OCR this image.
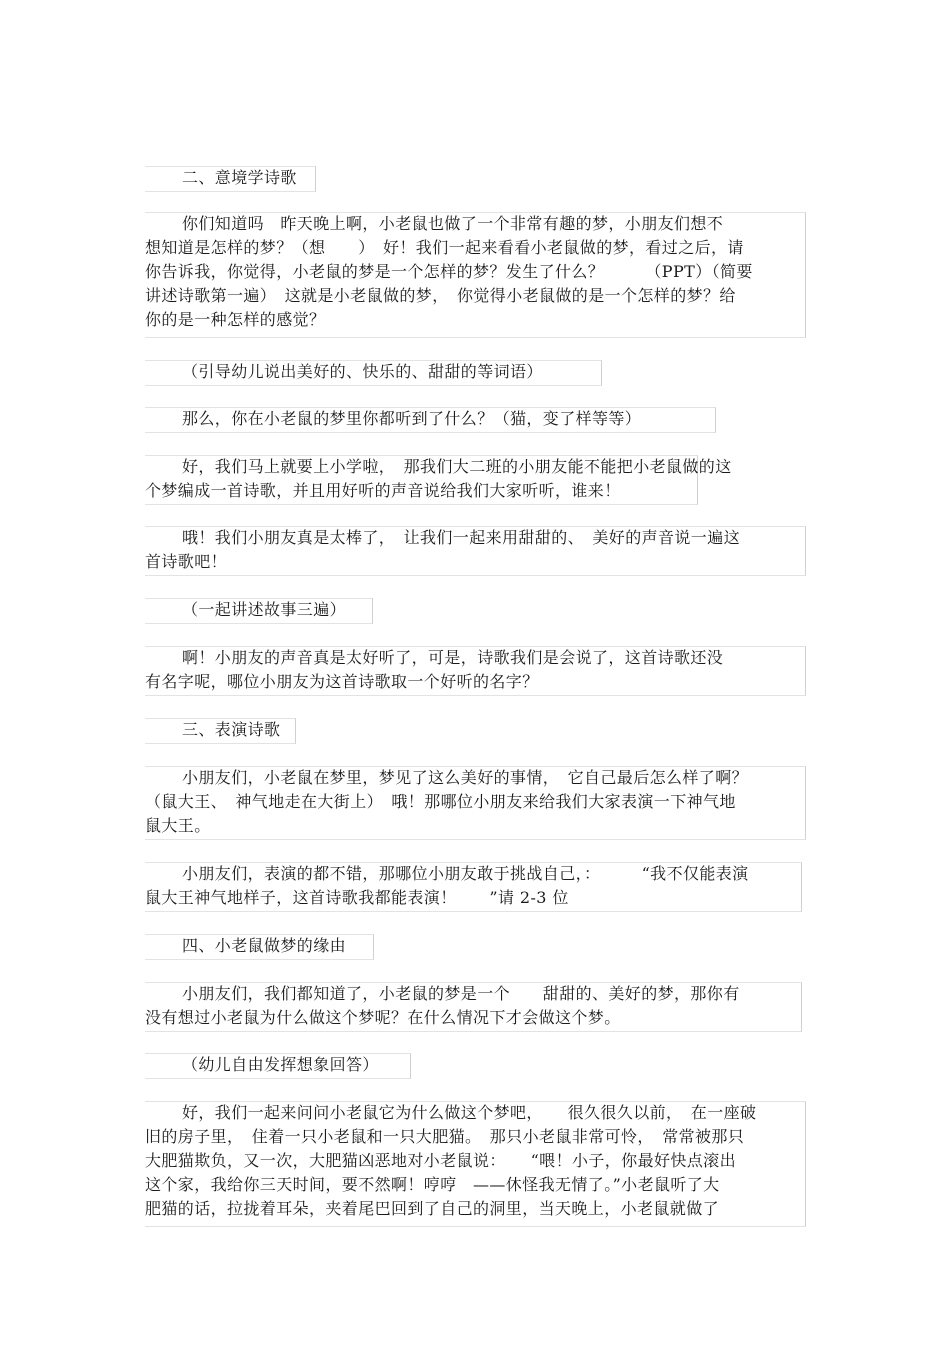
二、意境学诗歌
你们知道吗　昨天晚上啊，小老鼠也做了一个非常有趣的梦，小朋友们想不
想知道是怎样的梦？（想　　）　好！我们一起来看看小老鼠做的梦，看过之后，请
你告诉我，你觉得，小老鼠的梦是一个怎样的梦？发生了什么？　　　（PPT）（简要
讲述诗歌第一遍）　这就是小老鼠做的梦，　你觉得小老鼠做的是一个怎样的梦？给
你的是一种怎样的感觉？
（引导幼儿说出美好的、快乐的、甜甜的等词语）
那么，你在小老鼠的梦里你都听到了什么？（猫，变了样等等）
好，我们马上就要上小学啦，　那我们大二班的小朋友能不能把小老鼠做的这
个梦编成一首诗歌，并且用好听的声音说给我们大家听听，谁来！
哦！我们小朋友真是太棒了，　让我们一起来用甜甜的、　美好的声音说一遍这
首诗歌吧！
（一起讲述故事三遍）
啊！小朋友的声音真是太好听了，可是，诗歌我们是会说了，这首诗歌还没
有名字呢，哪位小朋友为这首诗歌取一个好听的名字？
三、表演诗歌
小朋友们，小老鼠在梦里，梦见了这么美好的事情，　它自己最后怎么样了啊？
（鼠大王、　神气地走在大街上）　哦！那哪位小朋友来给我们大家表演一下神气地
鼠大王。
小朋友们，表演的都不错，那哪位小朋友敢于挑战自己，：　　　“我不仅能表演
鼠大王神气地样子，这首诗歌我都能表演！　　”请 2-3 位
四、小老鼠做梦的缘由
小朋友们，我们都知道了，小老鼠的梦是一个　　甜甜的、美好的梦，那你有
没有想过小老鼠为什么做这个梦呢？在什么情况下才会做这个梦。
（幼儿自由发挥想象回答）
好，我们一起来问问小老鼠它为什么做这个梦吧，　　很久很久以前，　在一座破
旧的房子里，　住着一只小老鼠和一只大肥猫。　那只小老鼠非常可怜，　常常被那只
大肥猫欺负，又一次，大肥猫凶恶地对小老鼠说：　　“喂！小子，你最好快点滚出
这个家，我给你三天时间，要不然啊！哼哼　——休怪我无情了。”小老鼠听了大
肥猫的话，拉拢着耳朵，夹着尾巴回到了自己的洞里，当天晚上，小老鼠就做了
